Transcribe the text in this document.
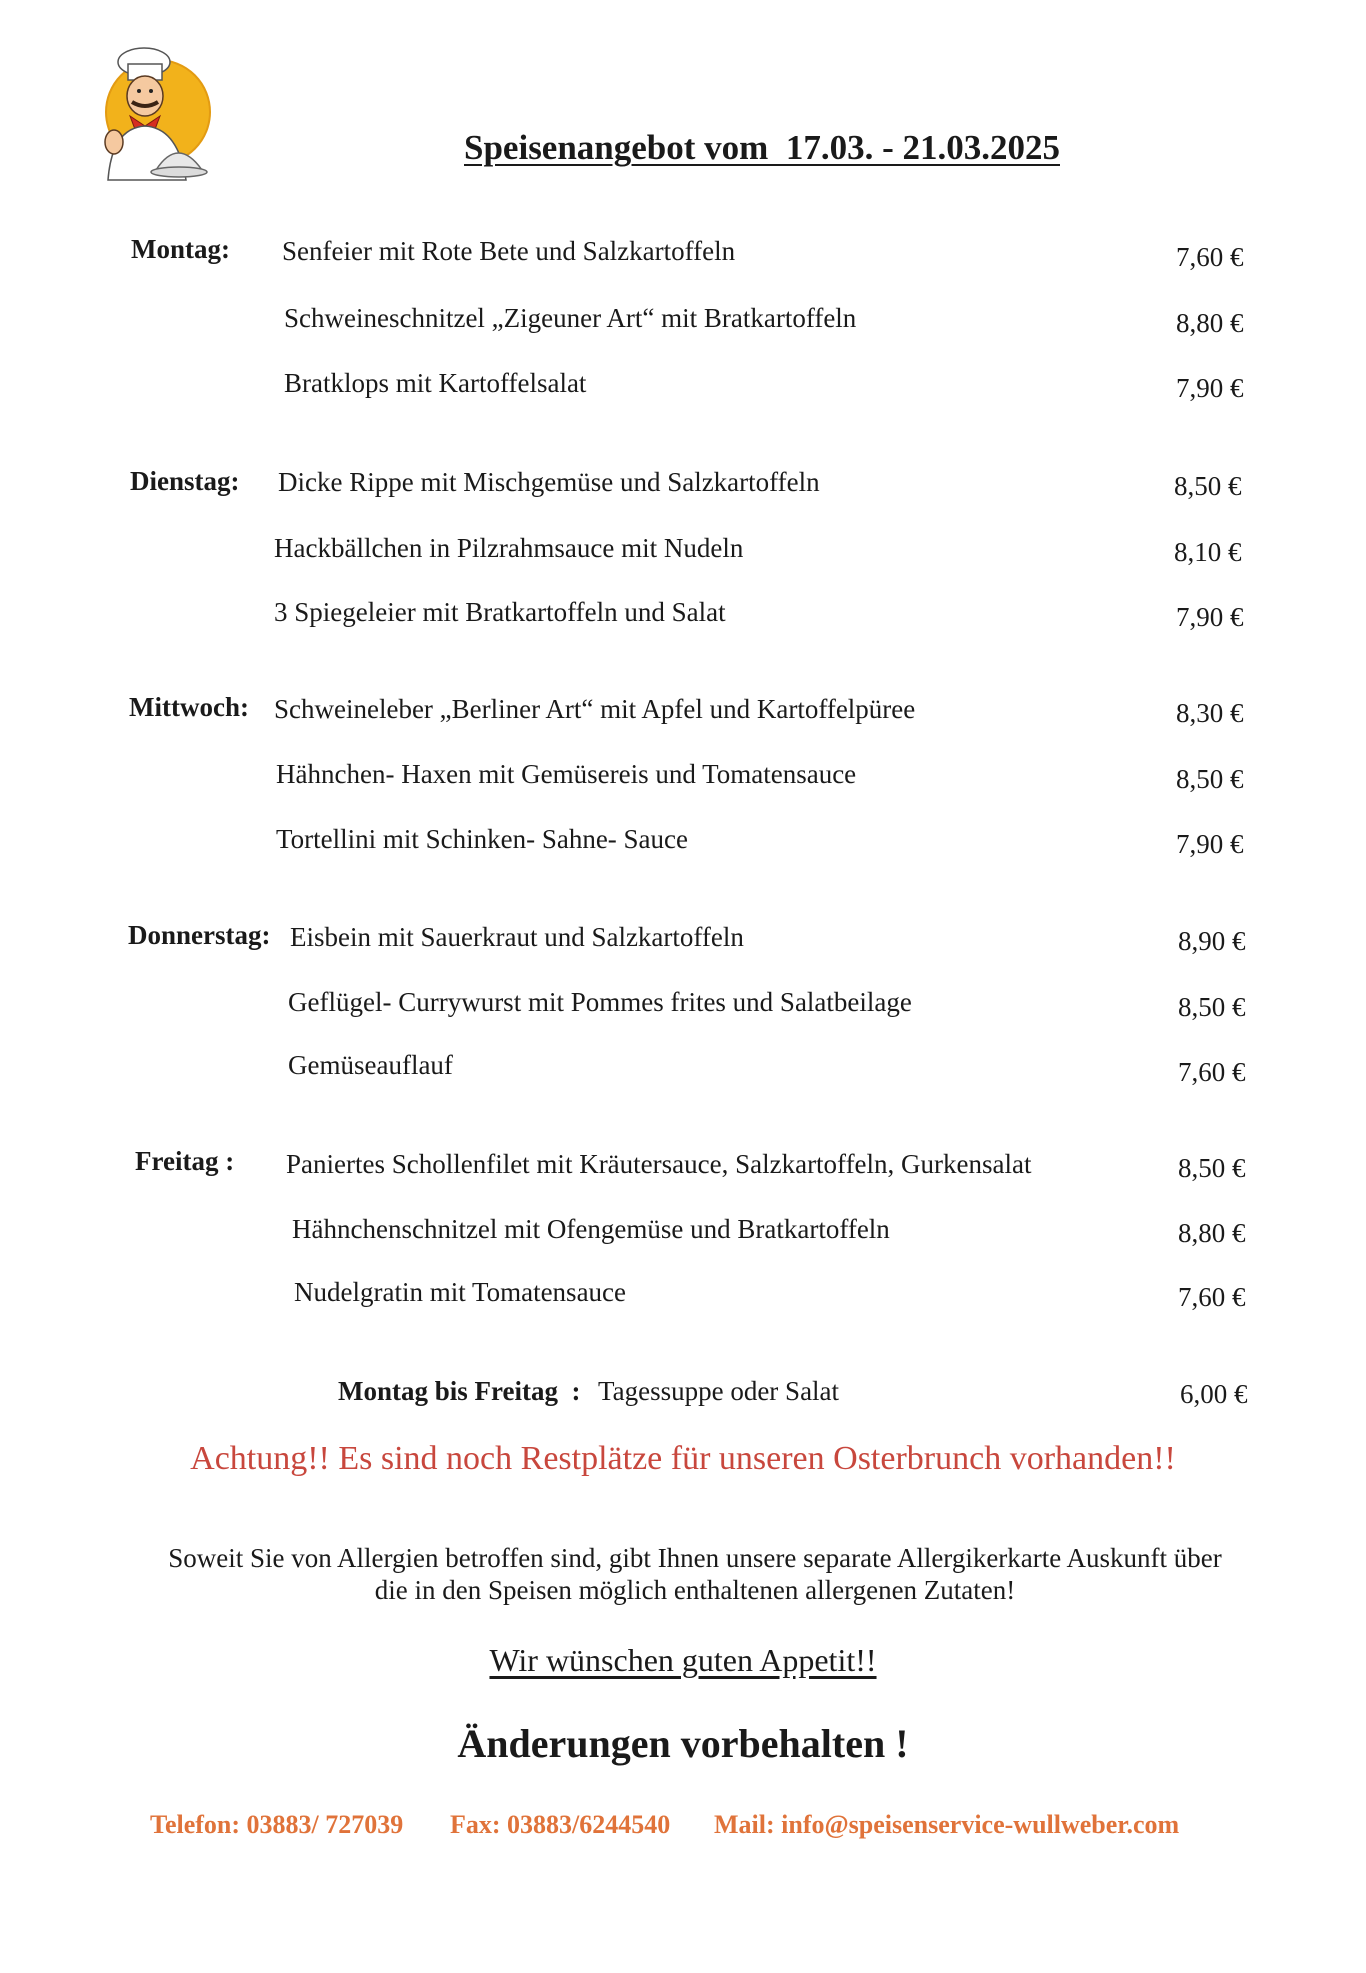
Speisenangebot vom  17.03. - 21.03.2025
Montag: Senfeier mit Rote Bete und Salzkartoffeln	7,60 €
Schweineschnitzel „Zigeuner Art“ mit Bratkartoffeln	8,80 €
Bratklops mit Kartoffelsalat	7,90 €
Dienstag: Dicke Rippe mit Mischgemüse und Salzkartoffeln	8,50 €
Hackbällchen in Pilzrahmsauce mit Nudeln	8,10 €
3 Spiegeleier mit Bratkartoffeln und Salat	7,90 €
Mittwoch: Schweineleber „Berliner Art“ mit Apfel und Kartoffelpüree	8,30 €
Hähnchen- Haxen mit Gemüsereis und Tomatensauce	8,50 €
Tortellini mit Schinken- Sahne- Sauce	7,90 €
Donnerstag: Eisbein mit Sauerkraut und Salzkartoffeln	8,90 €
Geflügel- Currywurst mit Pommes frites und Salatbeilage	8,50 €
Gemüseauflauf	7,60 €
Freitag : Paniertes Schollenfilet mit Kräutersauce, Salzkartoffeln, Gurkensalat	8,50 €
Hähnchenschnitzel mit Ofengemüse und Bratkartoffeln	8,80 €
Nudelgratin mit Tomatensauce	7,60 €
Montag bis Freitag  : Tagessuppe oder Salat	6,00 €
Achtung!! Es sind noch Restplätze für unseren Osterbrunch vorhanden!!
Soweit Sie von Allergien betroffen sind, gibt Ihnen unsere separate Allergikerkarte Auskunft über
die in den Speisen möglich enthaltenen allergenen Zutaten!
Wir wünschen guten Appetit!!
Änderungen vorbehalten !
Telefon: 03883/ 727039 Fax: 03883/6244540 Mail: info@speisenservice-wullweber.com
